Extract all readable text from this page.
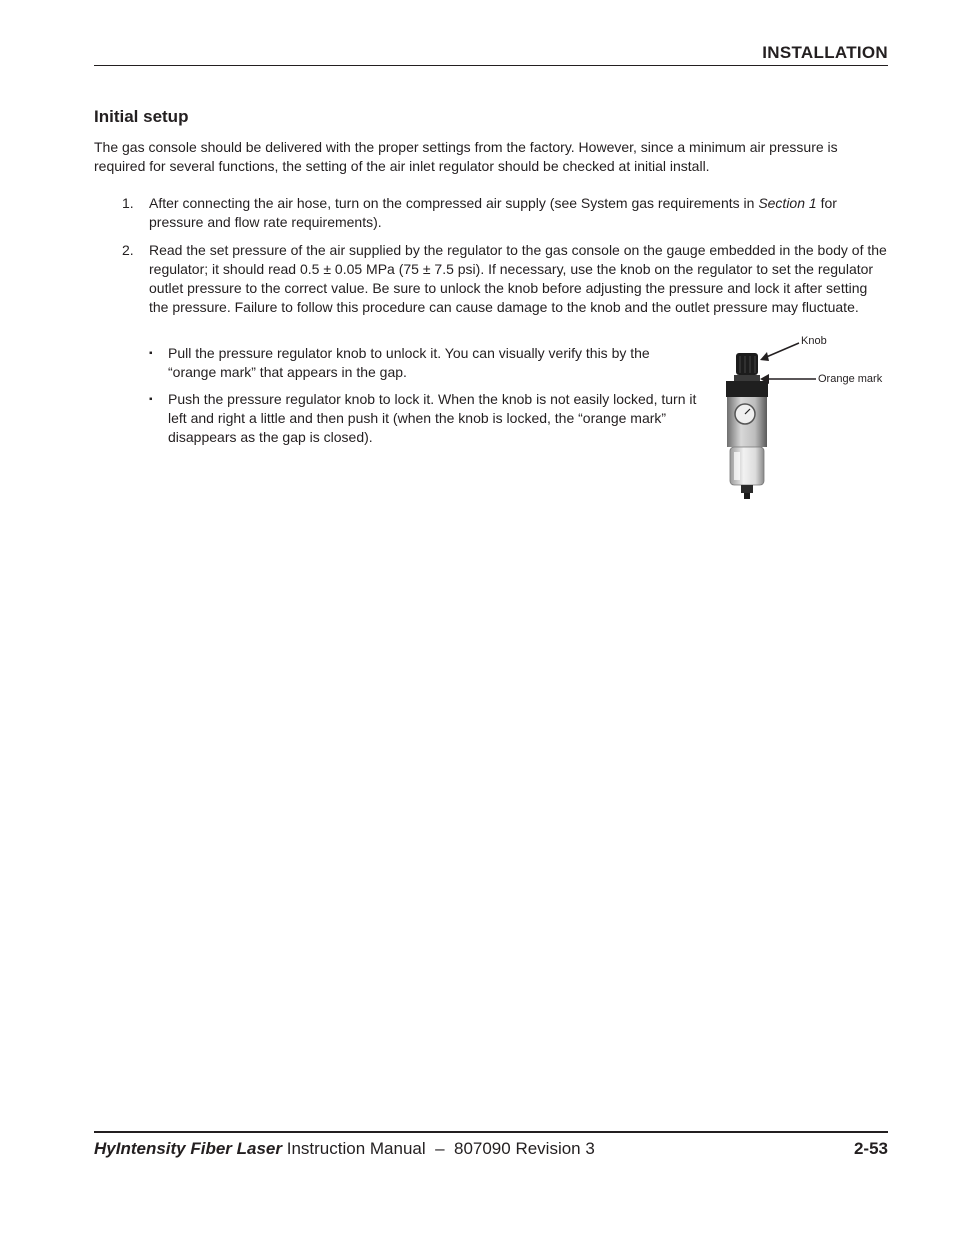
INSTALLATION
Initial setup

The gas console should be delivered with the proper settings from the factory. However, since a minimum air pressure is required for several functions, the setting of the air inlet regulator should be checked at initial install.

1.	After connecting the air hose, turn on the compressed air supply (see System gas requirements in Section 1 for pressure and flow rate requirements).

2.	Read the set pressure of the air supplied by the regulator to the gas console on the gauge embedded in the body of the regulator; it should read 0.5 ± 0.05 MPa (75 ± 7.5 psi). If necessary, use the knob on the regulator to set the regulator outlet pressure to the correct value. Be sure to unlock the knob before adjusting the pressure and lock it after setting the pressure. Failure to follow this procedure can cause damage to the knob and the outlet pressure may fluctuate.

▪ Pull the pressure regulator knob to unlock it. You can visually verify this by the “orange mark” that appears in the gap.

▪ Push the pressure regulator knob to lock it. When the knob is not easily locked, turn it left and right a little and then push it (when the knob is locked, the “orange mark” disappears as the gap is closed).

Knob
Orange mark
HyIntensity Fiber Laser Instruction Manual  –  807090 Revision 3	2-53
